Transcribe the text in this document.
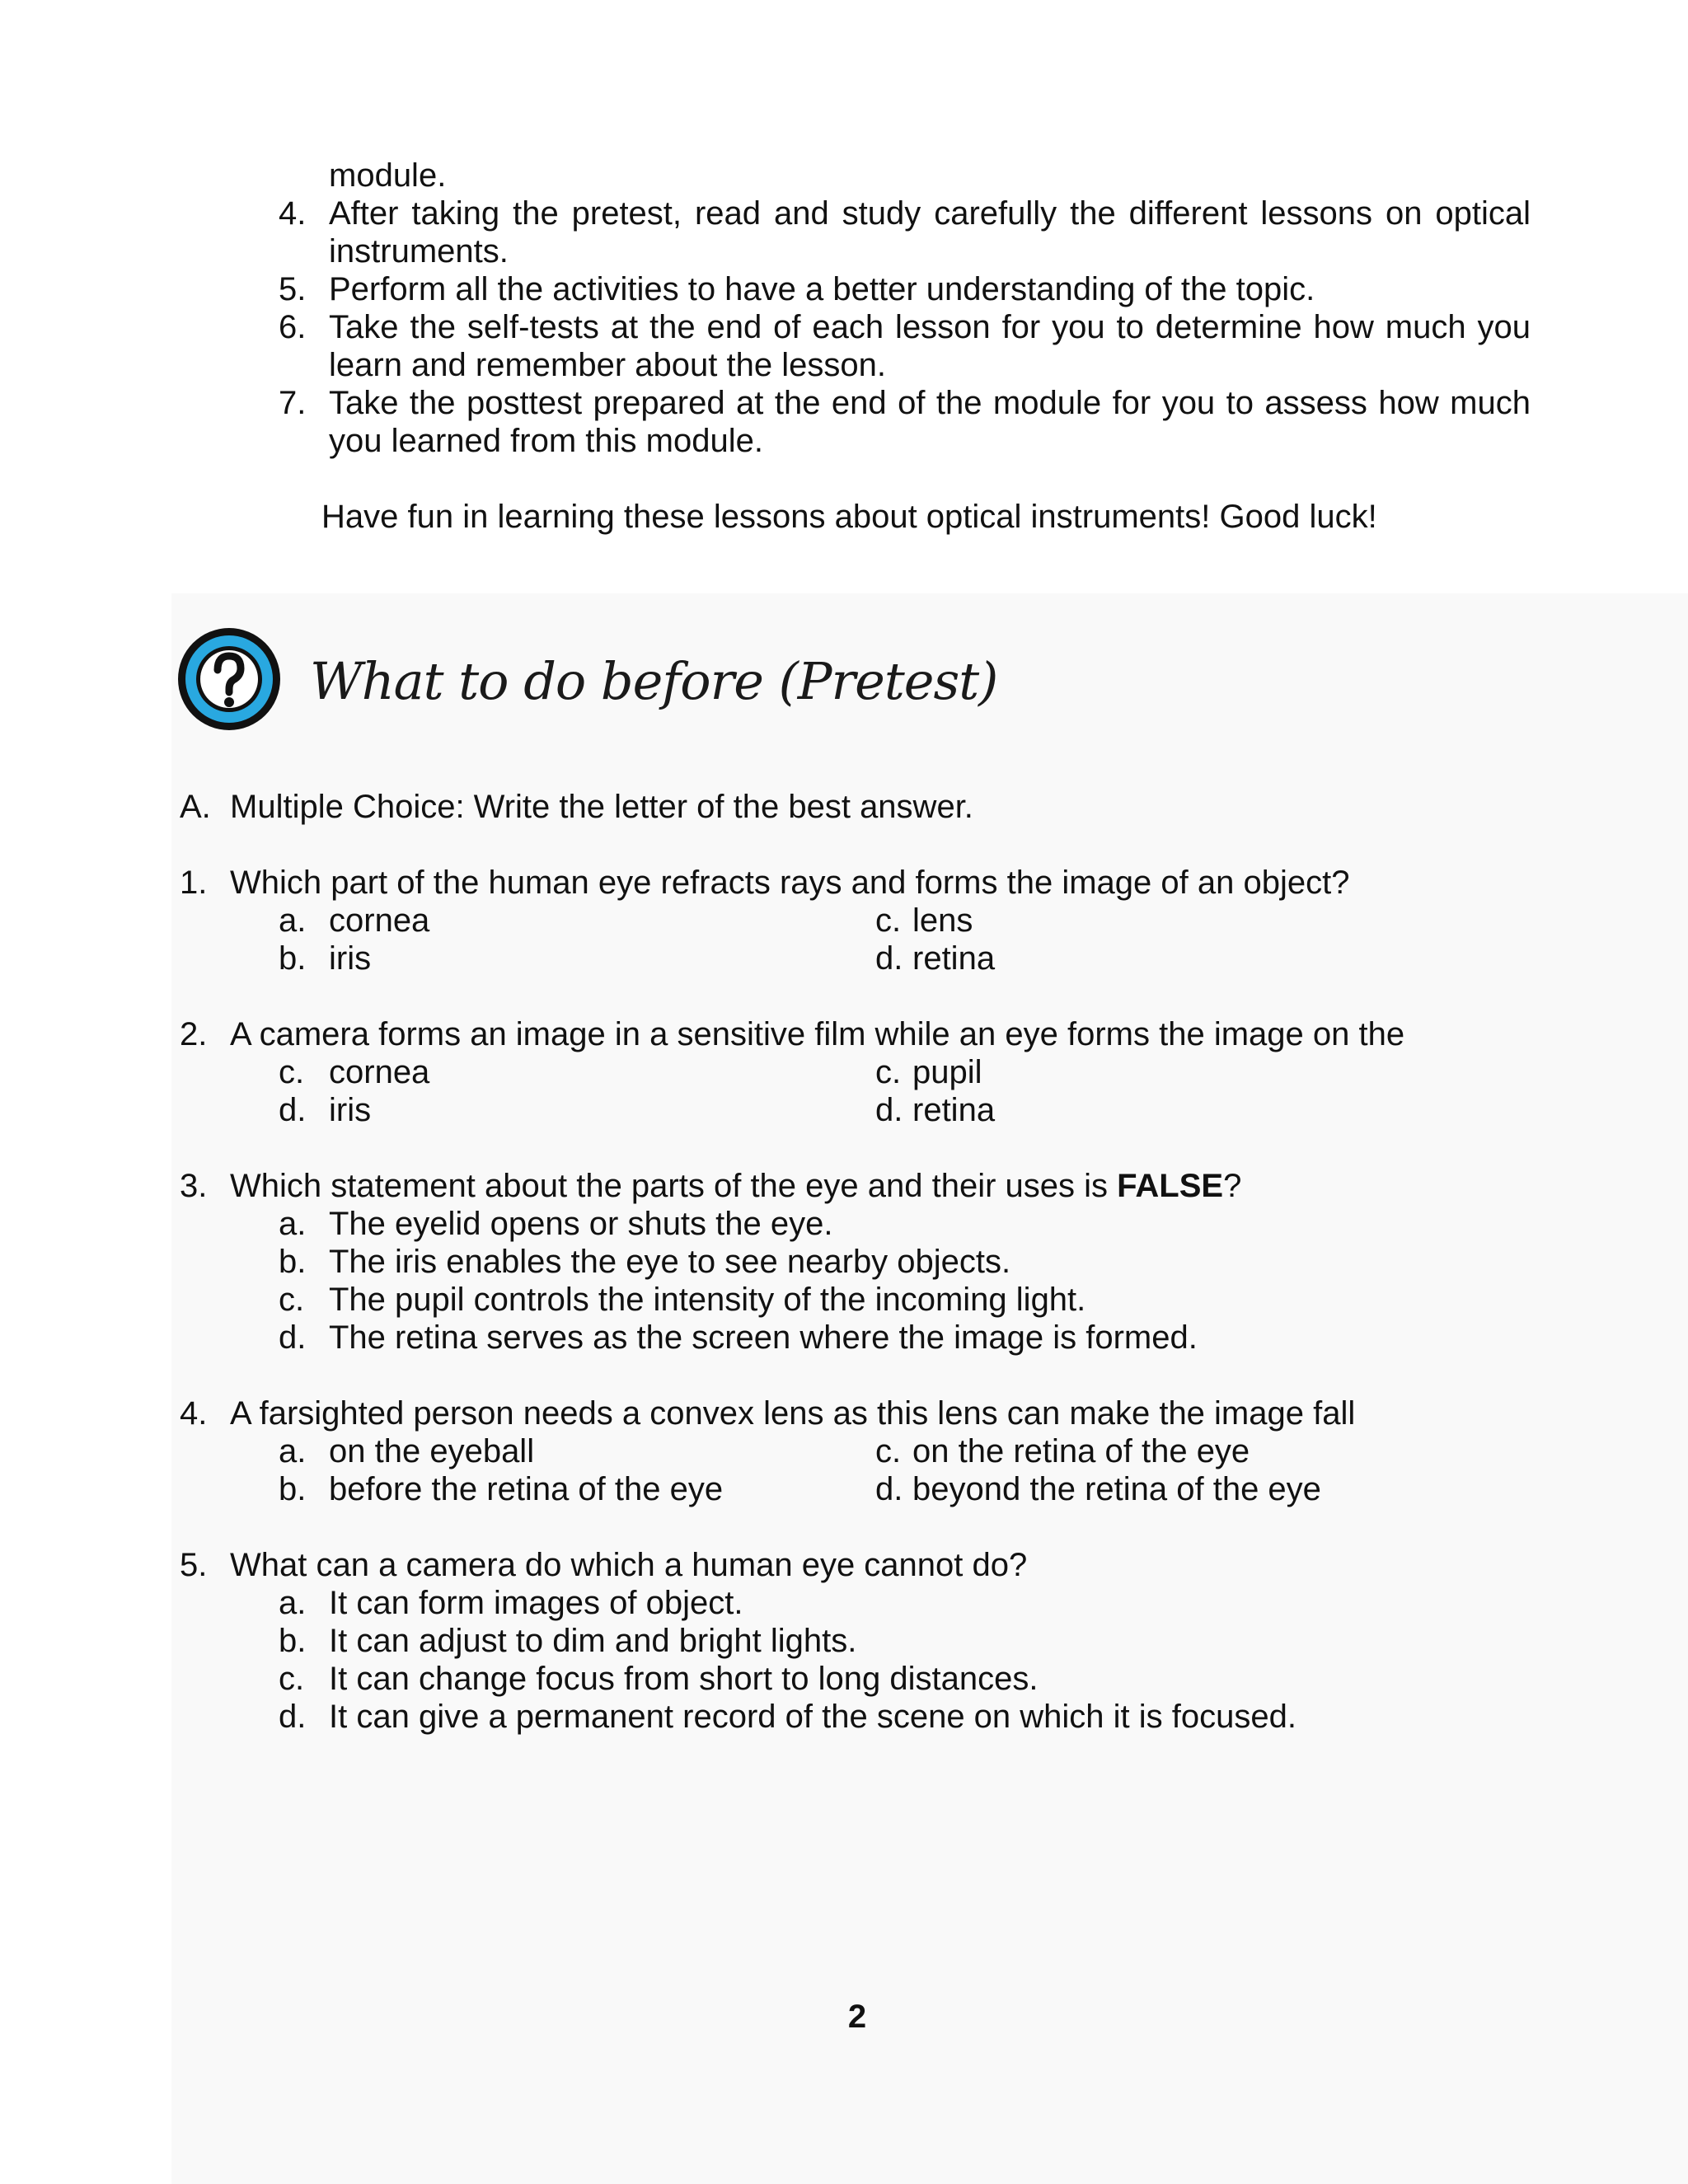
module.
4. After taking the pretest, read and study carefully the different lessons on optical
instruments.
5. Perform all the activities to have a better understanding of the topic.
6. Take the self-tests at the end of each lesson for you to determine how much you
learn and remember about the lesson.
7. Take the posttest prepared at the end of the module for you to assess how much
you learned from this module.
Have fun in learning these lessons about optical instruments! Good luck!
What to do before (Pretest)
A. Multiple Choice: Write the letter of the best answer.
1. Which part of the human eye refracts rays and forms the image of an object?
a. cornea
b. iris
c. lens
d. retina
2. A camera forms an image in a sensitive film while an eye forms the image on the
c. cornea
d. iris
c. pupil
d. retina
3. Which statement about the parts of the eye and their uses is FALSE?
a. The eyelid opens or shuts the eye.
b. The iris enables the eye to see nearby objects.
c. The pupil controls the intensity of the incoming light.
d. The retina serves as the screen where the image is formed.
4. A farsighted person needs a convex lens as this lens can make the image fall
a. on the eyeball
b. before the retina of the eye
c. on the retina of the eye
d. beyond the retina of the eye
5. What can a camera do which a human eye cannot do?
a. It can form images of object.
b. It can adjust to dim and bright lights.
c. It can change focus from short to long distances.
d. It can give a permanent record of the scene on which it is focused.
2
